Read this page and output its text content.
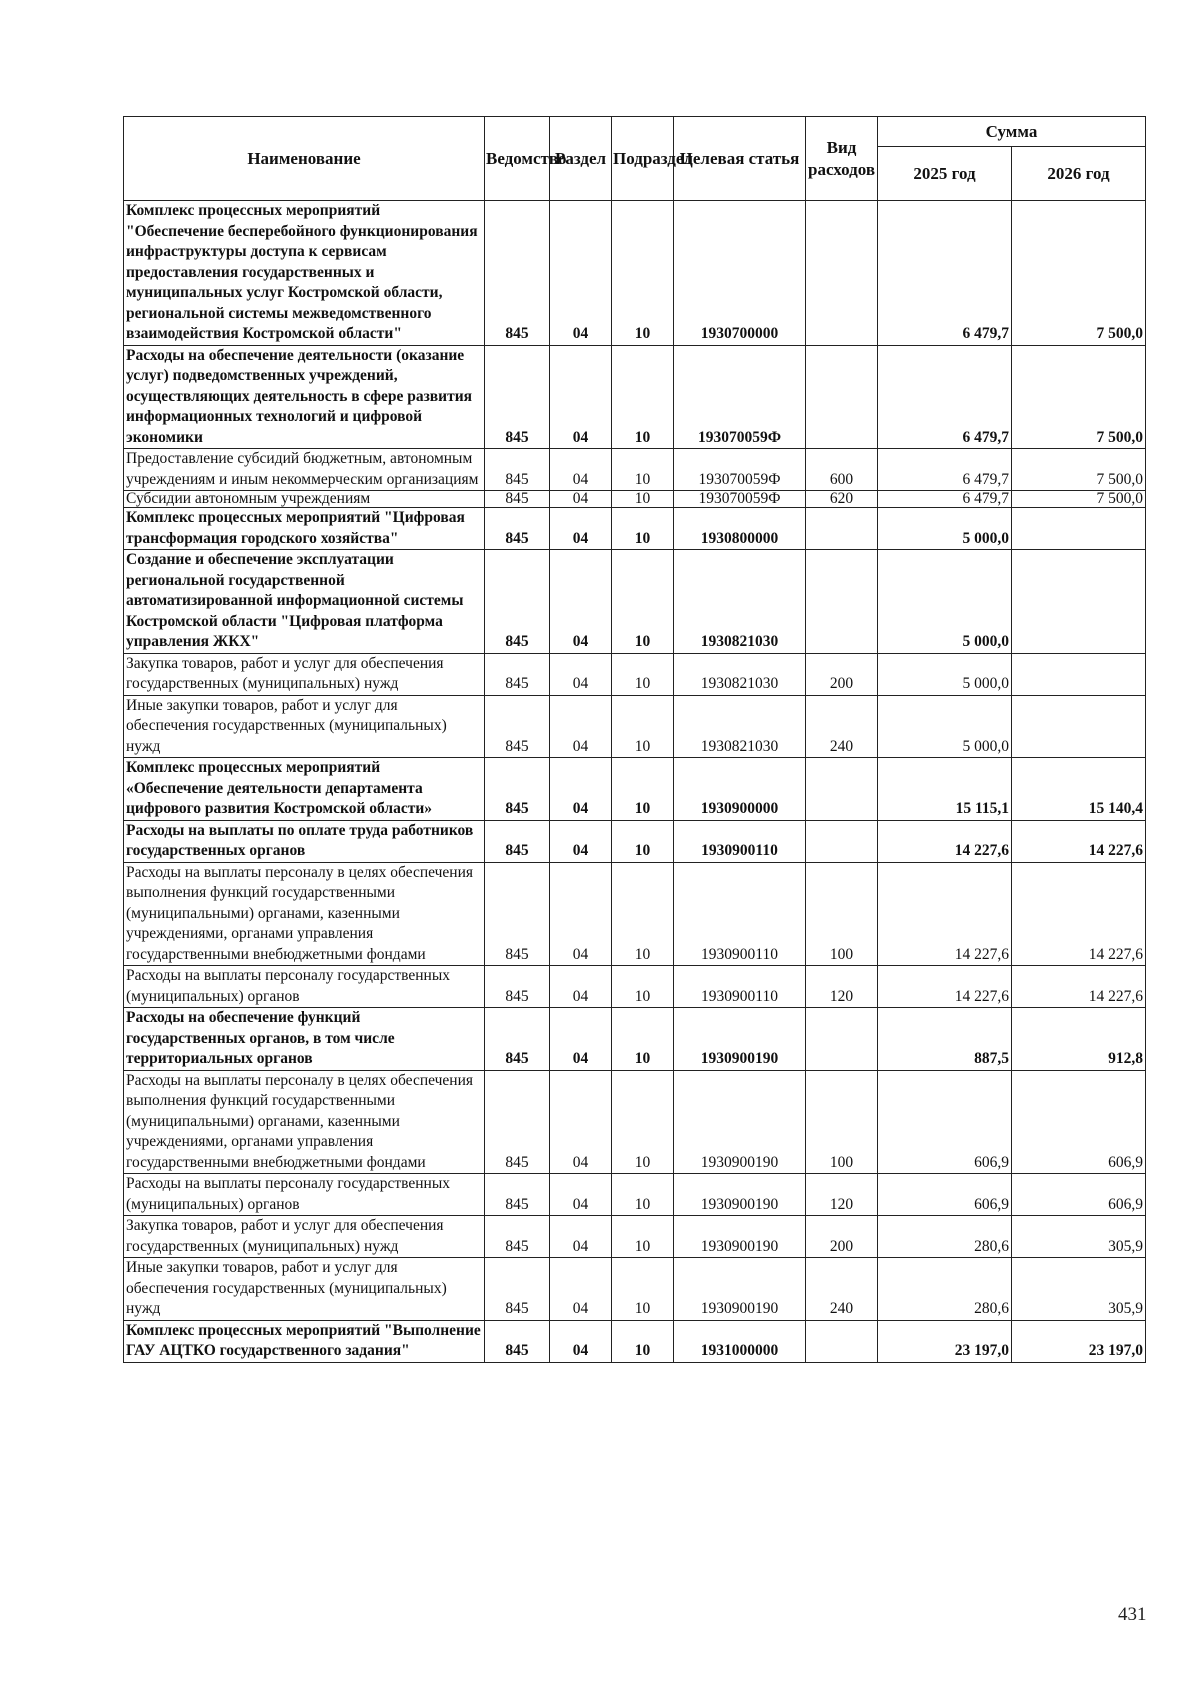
Наименование	Ведомство	Раздел	Подраздел	Целевая статья	Вид расходов	Сумма	
						2025 год	2026 год
Комплекс процессных мероприятий "Обеспечение бесперебойного функционирования инфраструктуры доступа к сервисам предоставления государственных и муниципальных услуг Костромской области, региональной системы межведомственного взаимодействия Костромской области"	845	04	10	1930700000		6 479,7	7 500,0
Расходы на обеспечение деятельности (оказание услуг) подведомственных учреждений, осуществляющих деятельность в сфере развития информационных технологий и цифровой экономики	845	04	10	193070059Ф		6 479,7	7 500,0
Предоставление субсидий бюджетным, автономным учреждениям и иным некоммерческим организациям	845	04	10	193070059Ф	600	6 479,7	7 500,0
Субсидии автономным учреждениям	845	04	10	193070059Ф	620	6 479,7	7 500,0
Комплекс процессных мероприятий "Цифровая трансформация городского хозяйства"	845	04	10	1930800000		5 000,0	
Создание и обеспечение эксплуатации региональной государственной автоматизированной информационной системы Костромской области "Цифровая платформа управления ЖКХ"	845	04	10	1930821030		5 000,0	
Закупка товаров, работ и услуг для обеспечения государственных (муниципальных) нужд	845	04	10	1930821030	200	5 000,0	
Иные закупки товаров, работ и услуг для обеспечения государственных (муниципальных) нужд	845	04	10	1930821030	240	5 000,0	
Комплекс процессных мероприятий «Обеспечение деятельности департамента цифрового развития Костромской области»	845	04	10	1930900000		15 115,1	15 140,4
Расходы на выплаты по оплате труда работников государственных органов	845	04	10	1930900110		14 227,6	14 227,6
Расходы на выплаты персоналу в целях обеспечения выполнения функций государственными (муниципальными) органами, казенными учреждениями, органами управления государственными внебюджетными фондами	845	04	10	1930900110	100	14 227,6	14 227,6
Расходы на выплаты персоналу государственных (муниципальных) органов	845	04	10	1930900110	120	14 227,6	14 227,6
Расходы на обеспечение функций государственных органов, в том числе территориальных органов	845	04	10	1930900190		887,5	912,8
Расходы на выплаты персоналу в целях обеспечения выполнения функций государственными (муниципальными) органами, казенными учреждениями, органами управления государственными внебюджетными фондами	845	04	10	1930900190	100	606,9	606,9
Расходы на выплаты персоналу государственных (муниципальных) органов	845	04	10	1930900190	120	606,9	606,9
Закупка товаров, работ и услуг для обеспечения государственных (муниципальных) нужд	845	04	10	1930900190	200	280,6	305,9
Иные закупки товаров, работ и услуг для обеспечения государственных (муниципальных) нужд	845	04	10	1930900190	240	280,6	305,9
Комплекс процессных мероприятий "Выполнение ГАУ АЦТКО государственного задания"	845	04	10	1931000000		23 197,0	23 197,0
431
